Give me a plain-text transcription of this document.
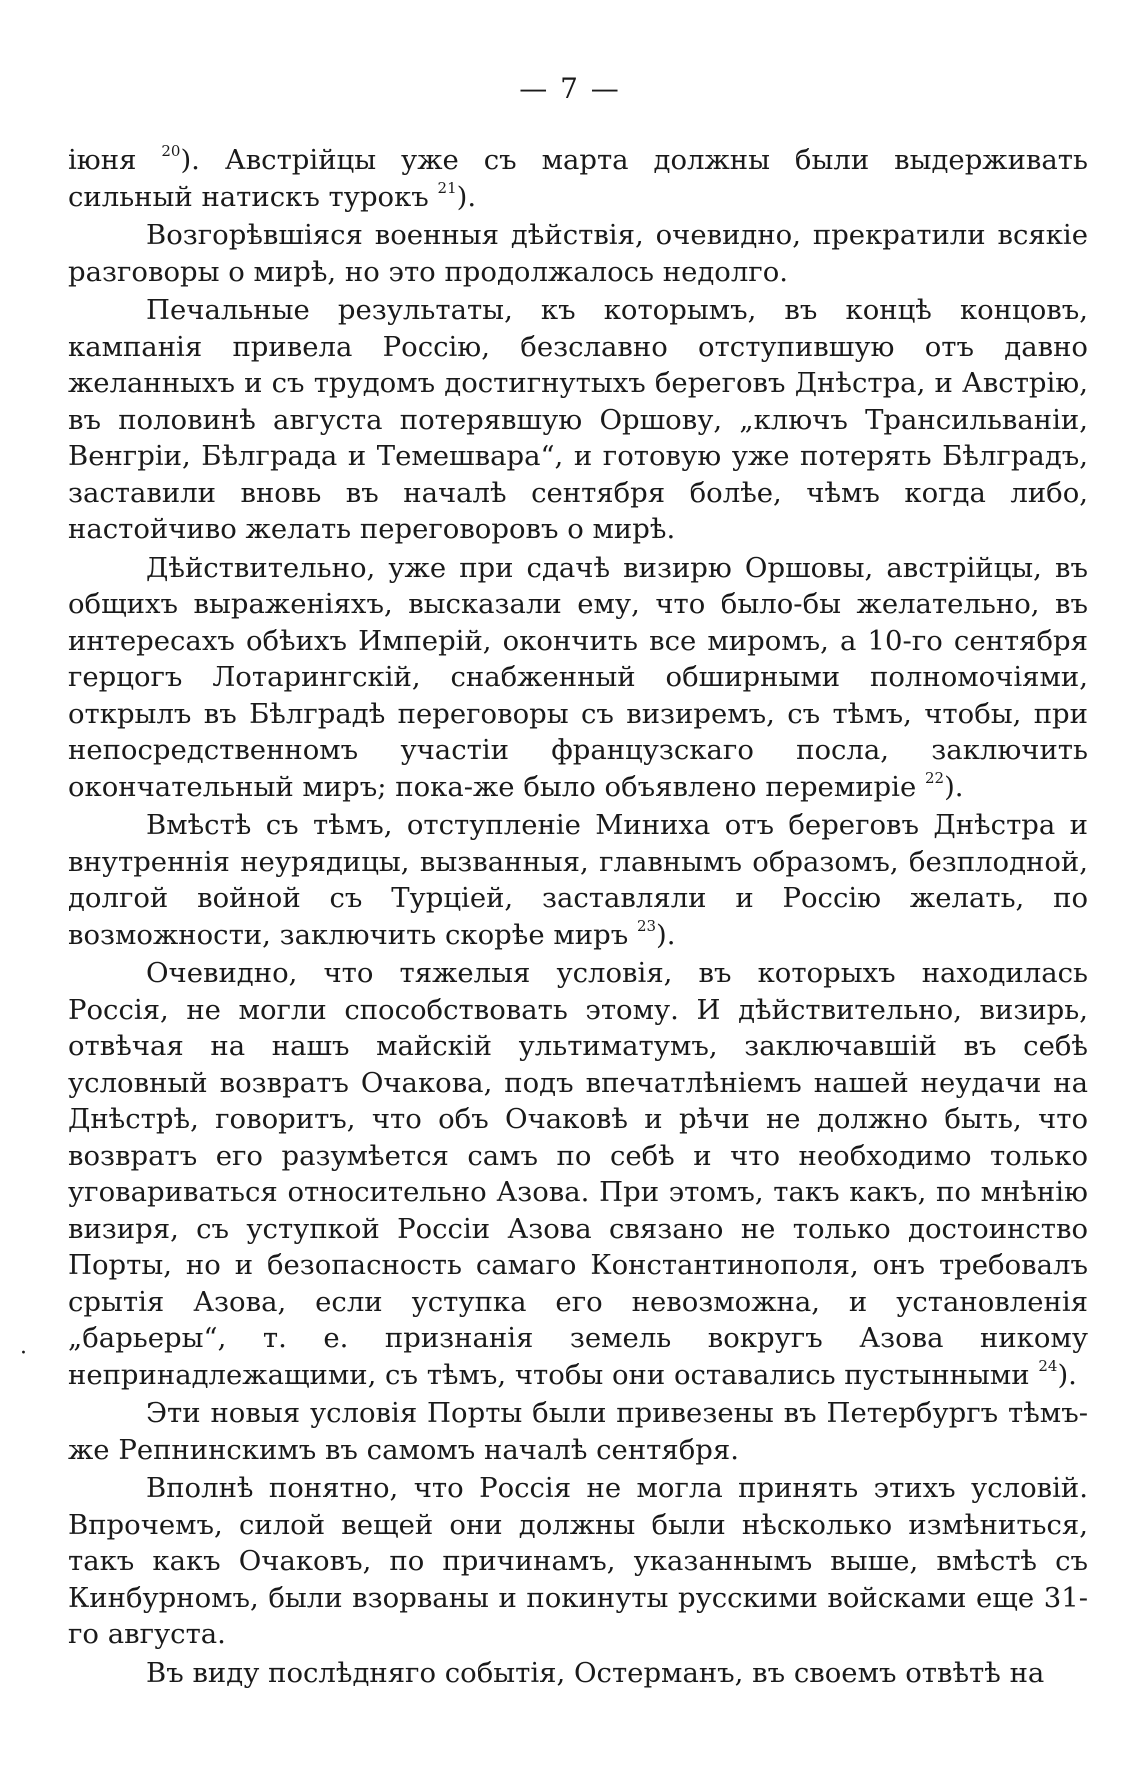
— 7 —
·

іюня $^{20}$). Австрійцы уже съ марта должны были выдерживать сильный натискъ турокъ $^{21}$).

Возгорѣвшіяся военныя дѣйствія, очевидно, прекратили всякіе разговоры о мирѣ, но это продолжалось недолго.

Печальные результаты, къ которымъ, въ концѣ концовъ, кампанія привела Россію, безславно отступившую отъ давно желанныхъ и съ трудомъ достигнутыхъ береговъ Днѣстра, и Австрію, въ половинѣ августа потерявшую Оршову, „ключъ Трансильваніи, Венгріи, Бѣлграда и Темешвара“, и готовую уже потерять Бѣлградъ, заставили вновь въ началѣ сентября болѣе, чѣмъ когда либо, настойчиво желать переговоровъ о мирѣ.

Дѣйствительно, уже при сдачѣ визирю Оршовы, австрійцы, въ общихъ выраженіяхъ, высказали ему, что было-бы желательно, въ интересахъ обѣихъ Имперій, окончить все миромъ, а 10-го сентября герцогъ Лотарингскій, снабженный обширными полномочіями, открылъ въ Бѣлградѣ переговоры съ визиремъ, съ тѣмъ, чтобы, при непосредственномъ участіи французскаго посла, заключить окончательный миръ; пока-же было объявлено перемиріе $^{22}$).

Вмѣстѣ съ тѣмъ, отступленіе Миниха отъ береговъ Днѣстра и внутреннія неурядицы, вызванныя, главнымъ образомъ, безплодной, долгой войной съ Турціей, заставляли и Россію желать, по возможности, заключить скорѣе миръ $^{23}$).

Очевидно, что тяжелыя условія, въ которыхъ находилась Россія, не могли способствовать этому. И дѣйствительно, визирь, отвѣчая на нашъ майскій ультиматумъ, заключавшій въ себѣ условный возвратъ Очакова, подъ впечатлѣніемъ нашей неудачи на Днѣстрѣ, говоритъ, что объ Очаковѣ и рѣчи не должно быть, что возвратъ его разумѣется самъ по себѣ и что необходимо только уговариваться относительно Азова. При этомъ, такъ какъ, по мнѣнію визиря, съ уступкой Россіи Азова связано не только достоинство Порты, но и безопасность самаго Константинополя, онъ требовалъ срытія Азова, если уступка его невозможна, и установленія „барьеры“, т. е. признанія земель вокругъ Азова никому непринадлежащими, съ тѣмъ, чтобы они оставались пустынными $^{24}$).

Эти новыя условія Порты были привезены въ Петербургъ тѣмъ-же Репнинскимъ въ самомъ началѣ сентября.

Вполнѣ понятно, что Россія не могла принять этихъ условій. Впрочемъ, силой вещей они должны были нѣсколько измѣниться, такъ какъ Очаковъ, по причинамъ, указаннымъ выше, вмѣстѣ съ Кинбурномъ, были взорваны и покинуты русскими войсками еще 31-го августа.

Въ виду послѣдняго событія, Остерманъ, въ своемъ отвѣтѣ на
